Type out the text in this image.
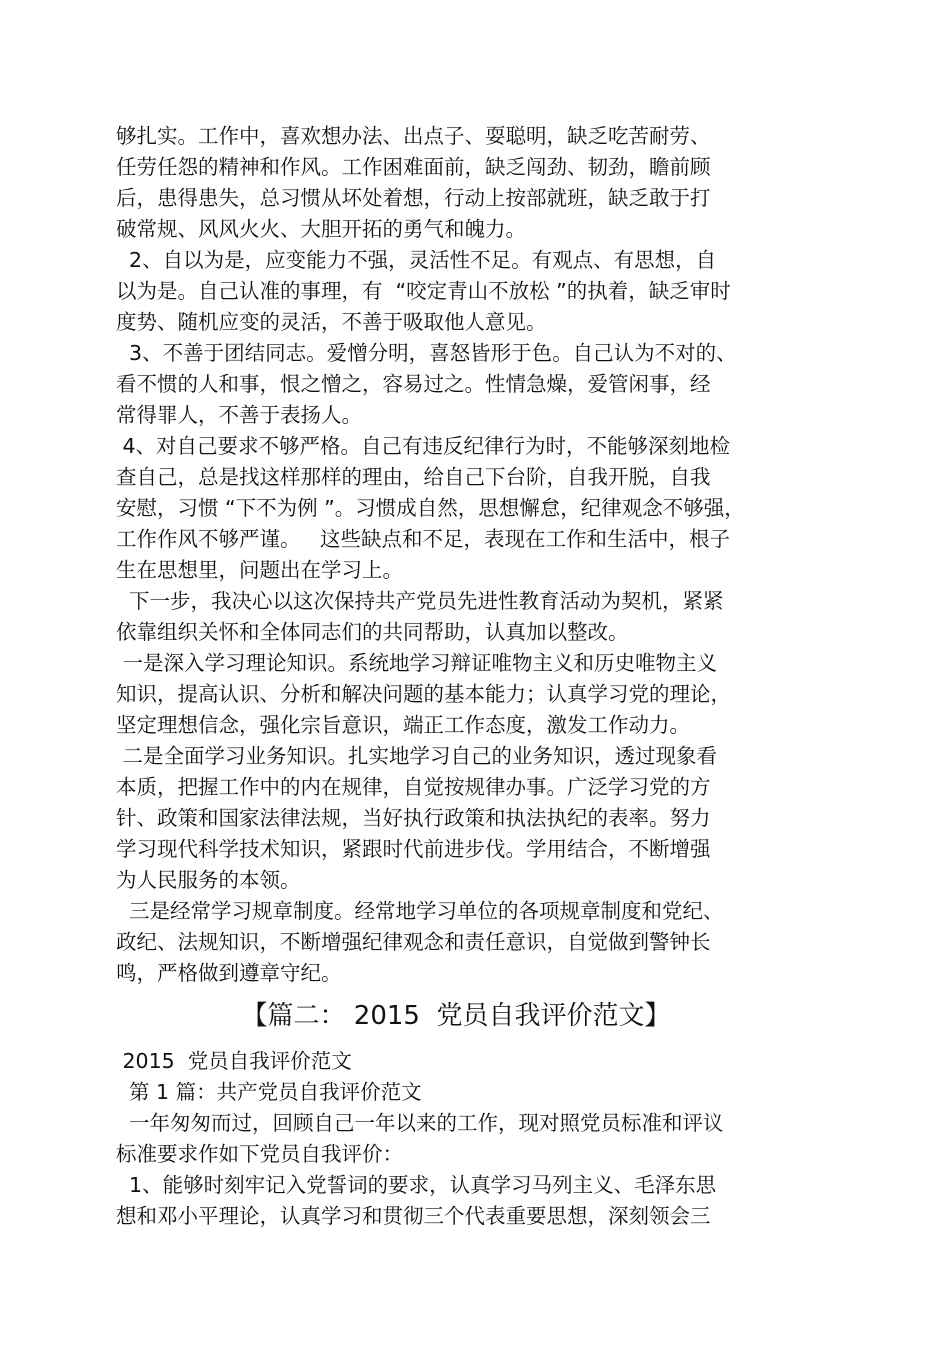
够扎实。工作中，喜欢想办法、出点子、耍聪明，缺乏吃苦耐劳、
任劳任怨的精神和作风。工作困难面前，缺乏闯劲、韧劲，瞻前顾
后，患得患失，总习惯从坏处着想，行动上按部就班，缺乏敢于打
破常规、风风火火、大胆开拓的勇气和魄力。
2、自以为是，应变能力不强，灵活性不足。有观点、有思想，自
以为是。自己认准的事理，有  “咬定青山不放松 ”的执着，缺乏审时
度势、随机应变的灵活，不善于吸取他人意见。
3、不善于团结同志。爱憎分明，喜怒皆形于色。自己认为不对的、
看不惯的人和事，恨之憎之，容易过之。性情急燥，爱管闲事，经
常得罪人，不善于表扬人。
4、对自己要求不够严格。自己有违反纪律行为时，不能够深刻地检
查自己，总是找这样那样的理由，给自己下台阶，自我开脱，自我
安慰，习惯 “下不为例 ”。习惯成自然，思想懈怠，纪律观念不够强，
工作作风不够严谨。   这些缺点和不足，表现在工作和生活中，根子
生在思想里，问题出在学习上。
下一步，我决心以这次保持共产党员先进性教育活动为契机，紧紧
依靠组织关怀和全体同志们的共同帮助，认真加以整改。
一是深入学习理论知识。系统地学习辩证唯物主义和历史唯物主义
知识，提高认识、分析和解决问题的基本能力；认真学习党的理论，
坚定理想信念，强化宗旨意识，端正工作态度，激发工作动力。
二是全面学习业务知识。扎实地学习自己的业务知识，透过现象看
本质，把握工作中的内在规律，自觉按规律办事。广泛学习党的方
针、政策和国家法律法规，当好执行政策和执法执纪的表率。努力
学习现代科学技术知识，紧跟时代前进步伐。学用结合，不断增强
为人民服务的本领。
三是经常学习规章制度。经常地学习单位的各项规章制度和党纪、
政纪、法规知识，不断增强纪律观念和责任意识，自觉做到警钟长
鸣，严格做到遵章守纪。
【篇二： 2015  党员自我评价范文】
2015  党员自我评价范文
第 1 篇：共产党员自我评价范文
一年匆匆而过，回顾自己一年以来的工作，现对照党员标准和评议
标准要求作如下党员自我评价：
1、能够时刻牢记入党誓词的要求，认真学习马列主义、毛泽东思
想和邓小平理论，认真学习和贯彻三个代表重要思想，深刻领会三
